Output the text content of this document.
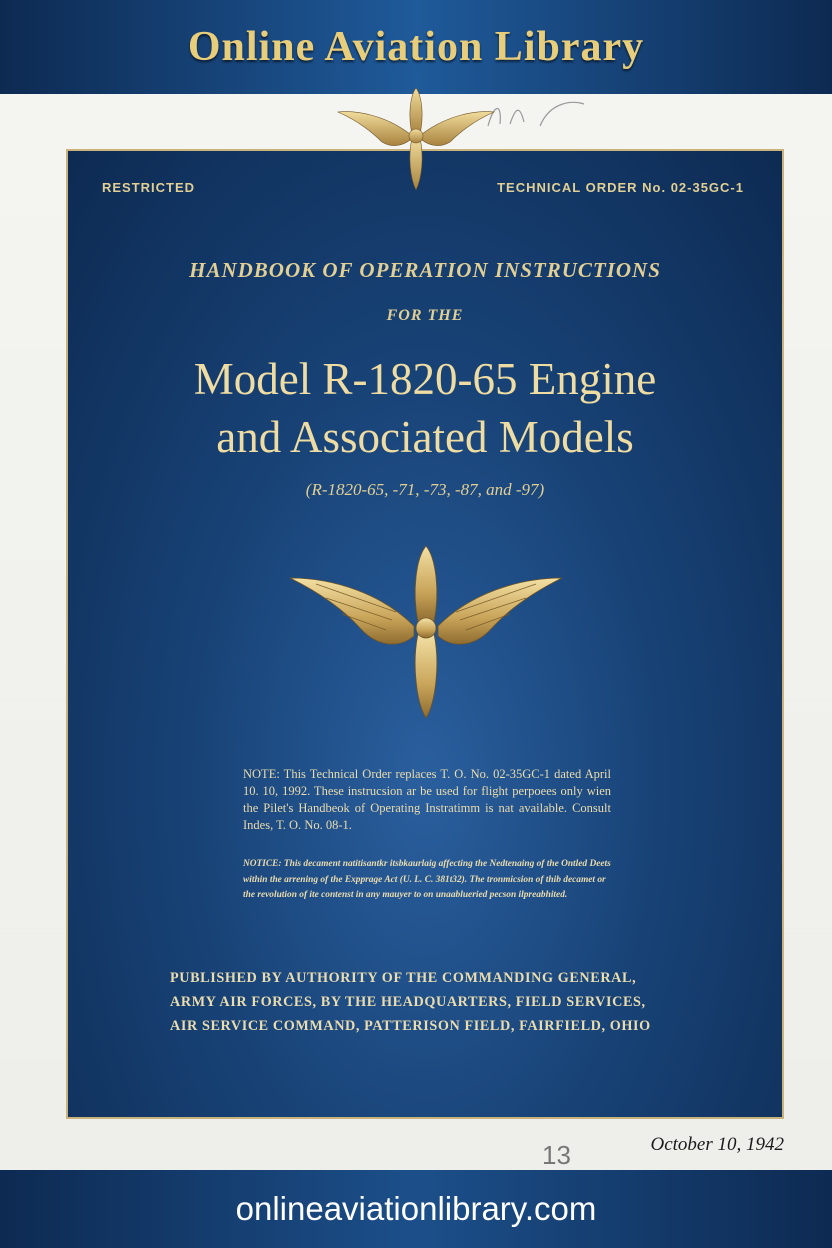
Online Aviation Library
RESTRICTED	TECHNICAL ORDER No. 02-35GC-1
HANDBOOK OF OPERATION INSTRUCTIONS
FOR THE
Model R-1820-65 Engine
and Associated Models
(R-1820-65, -71, -73, -87, and -97)
NOTE: This Technical Order replaces T. O. No. 02-35GC-1 dated April 10. 10, 1992. These instrucsion ar be used for flight perpoees only wien the Pilet's Handbeok of Operating Instratimm is nat available. Consult Indes, T. O. No. 08-1.
NOTICE: This decament natitisantkr itsbkaurlaig affecting the Nedtenaing of the Ontled Deets within the arrening of the Expprage Act (U. L. C. 381t32). The tronmicsion of thib decamet or the revolution of ite contenst in any mauyer to on unaablueried pecson ilpreabhited.
PUBLISHED BY AUTHORITY OF THE COMMANDING GENERAL,
ARMY AIR FORCES, BY THE HEADQUARTERS, FIELD SERVICES,
AIR SERVICE COMMAND, PATTERISON FIELD, FAIRFIELD, OHIO
13	October 10, 1942
onlineaviationlibrary.com
